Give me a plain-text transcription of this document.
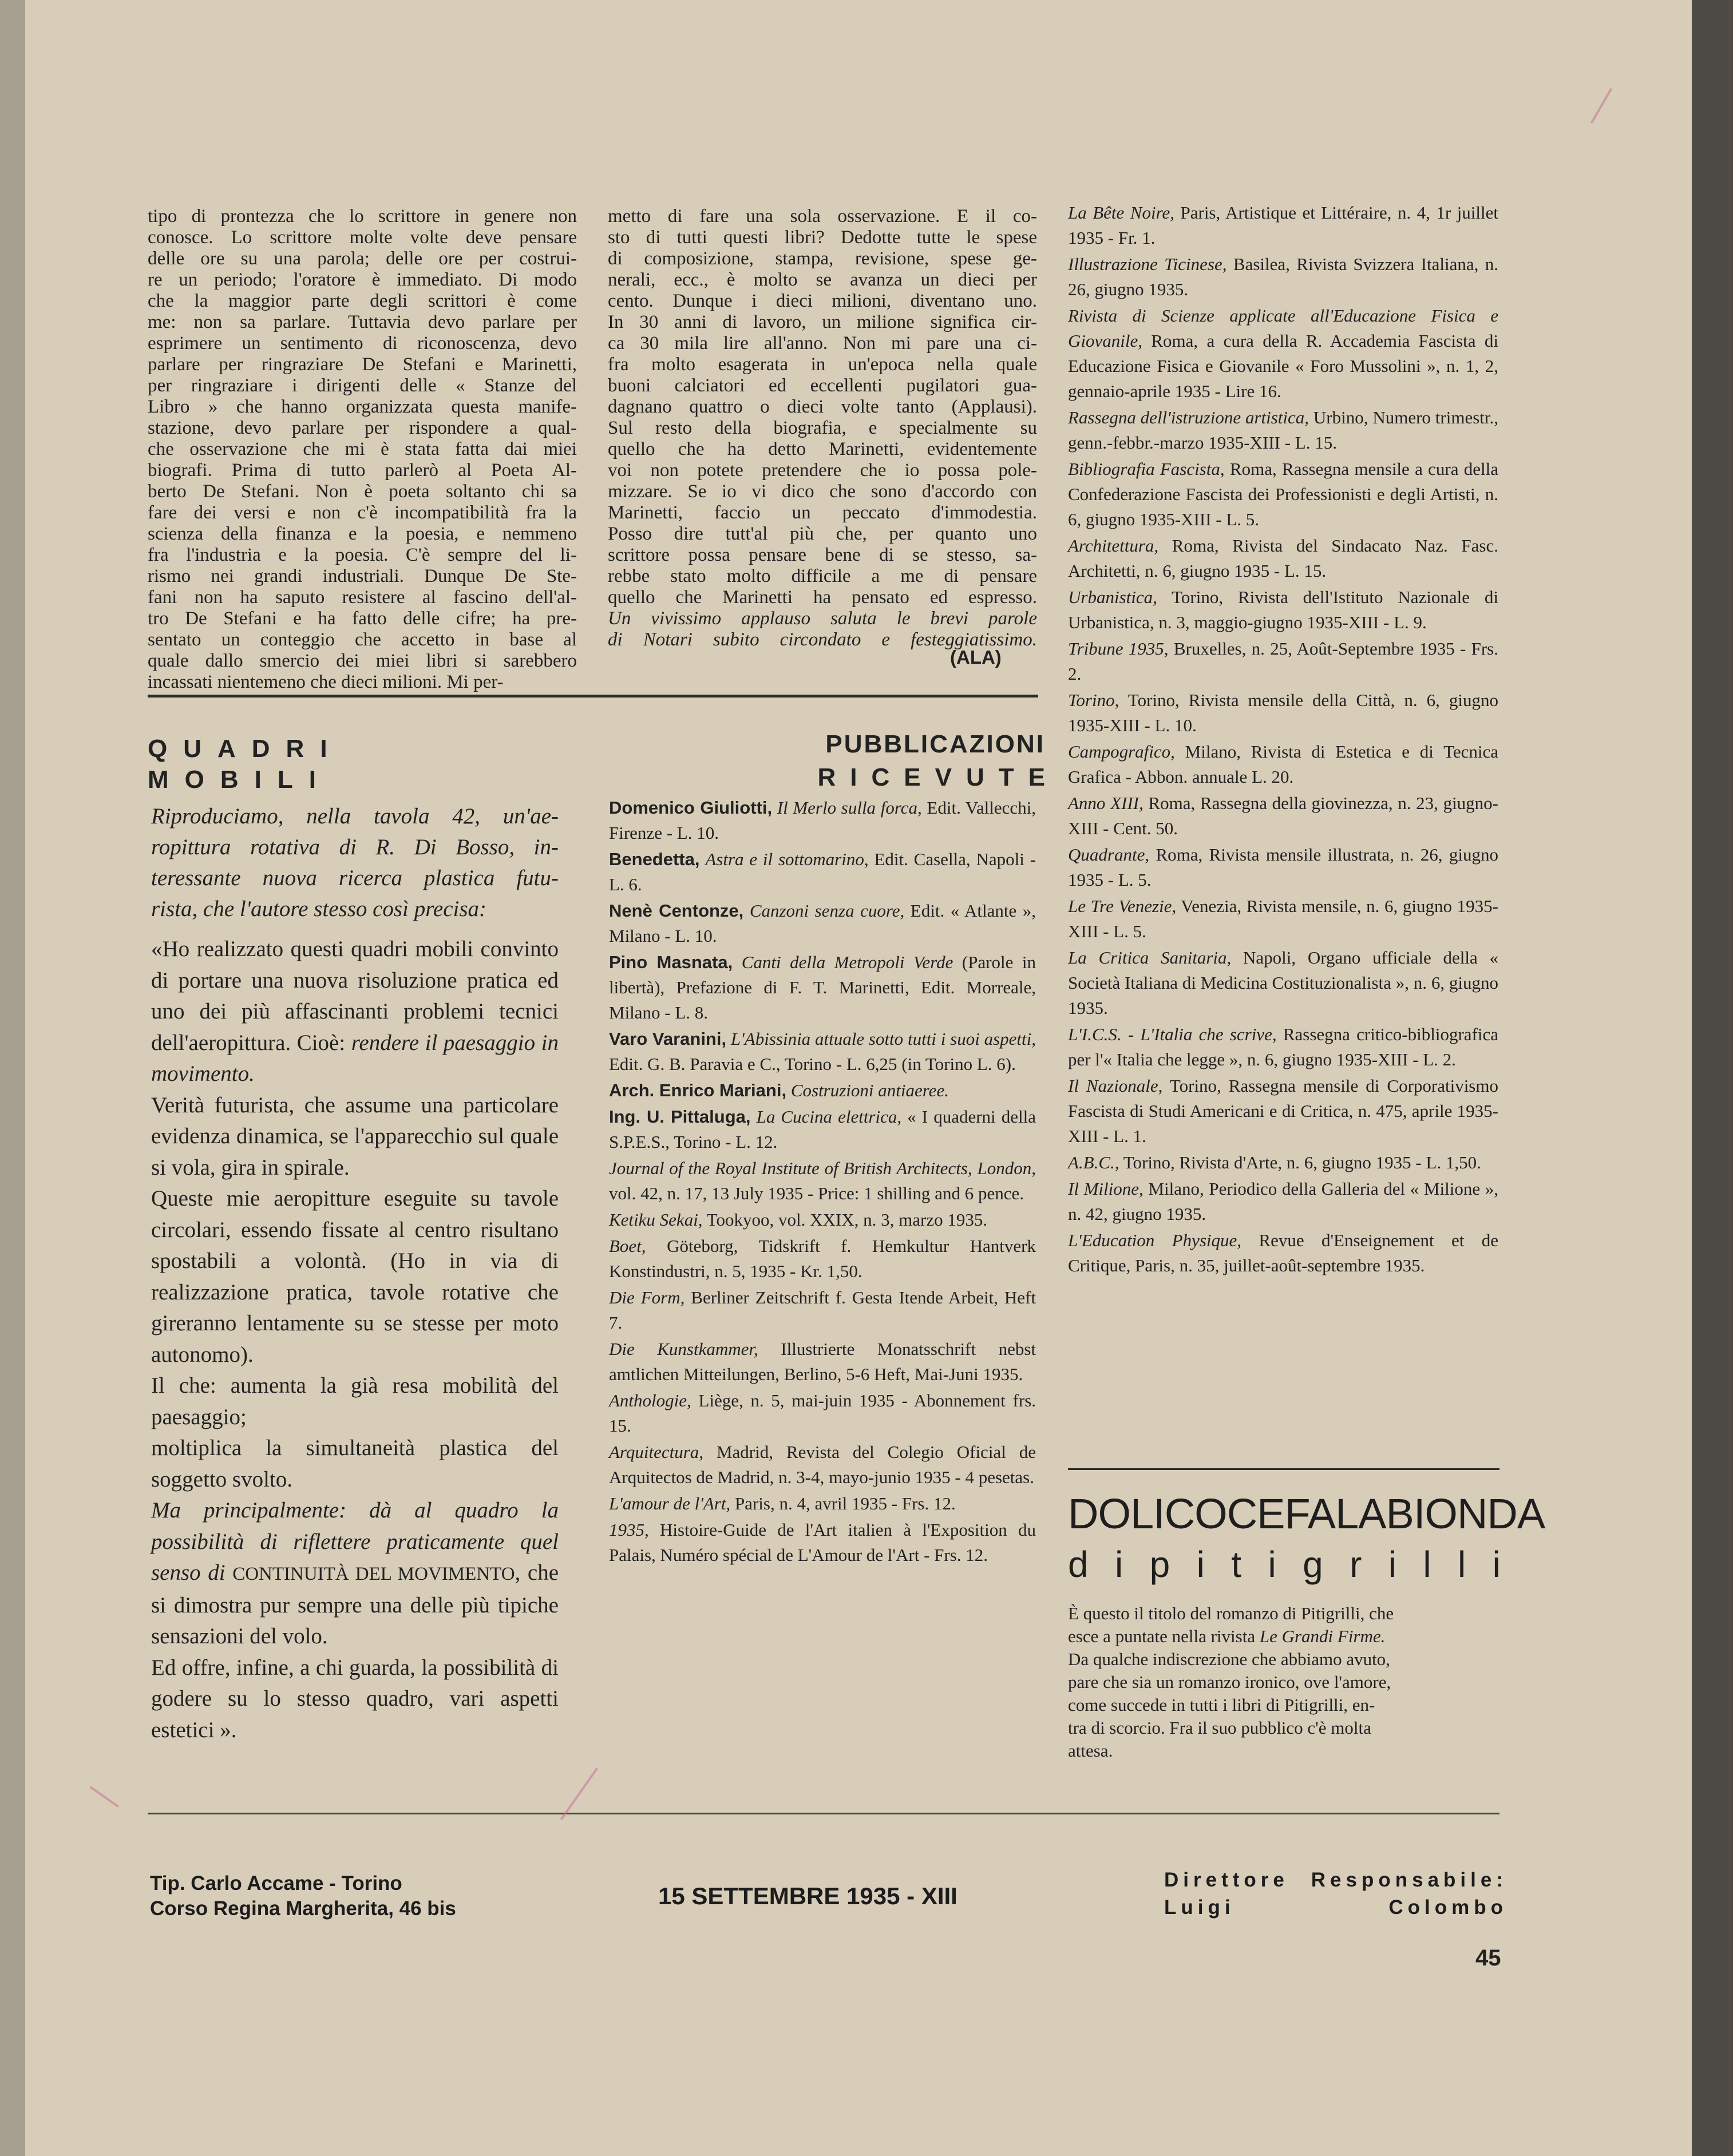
tipo di prontezza che lo scrittore in genere non
conosce. Lo scrittore molte volte deve pensare
delle ore su una parola; delle ore per costrui-
re un periodo; l'oratore è immediato. Di modo
che la maggior parte degli scrittori è come
me: non sa parlare. Tuttavia devo parlare per
esprimere un sentimento di riconoscenza, devo
parlare per ringraziare De Stefani e Marinetti,
per ringraziare i dirigenti delle « Stanze del
Libro » che hanno organizzata questa manife-
stazione, devo parlare per rispondere a qual-
che osservazione che mi è stata fatta dai miei
biografi. Prima di tutto parlerò al Poeta Al-
berto De Stefani. Non è poeta soltanto chi sa
fare dei versi e non c'è incompatibilità fra la
scienza della finanza e la poesia, e nemmeno
fra l'industria e la poesia. C'è sempre del li-
rismo nei grandi industriali. Dunque De Ste-
fani non ha saputo resistere al fascino dell'al-
tro De Stefani e ha fatto delle cifre; ha pre-
sentato un conteggio che accetto in base al
quale dallo smercio dei miei libri si sarebbero
incassati nientemeno che dieci milioni. Mi per-
metto di fare una sola osservazione. E il co-
sto di tutti questi libri? Dedotte tutte le spese
di composizione, stampa, revisione, spese ge-
nerali, ecc., è molto se avanza un dieci per
cento. Dunque i dieci milioni, diventano uno.
In 30 anni di lavoro, un milione significa cir-
ca 30 mila lire all'anno. Non mi pare una ci-
fra molto esagerata in un'epoca nella quale
buoni calciatori ed eccellenti pugilatori gua-
dagnano quattro o dieci volte tanto (Applausi).
Sul resto della biografia, e specialmente su
quello che ha detto Marinetti, evidentemente
voi non potete pretendere che io possa pole-
mizzare. Se io vi dico che sono d'accordo con
Marinetti, faccio un peccato d'immodestia.
Posso dire tutt'al più che, per quanto uno
scrittore possa pensare bene di se stesso, sa-
rebbe stato molto difficile a me di pensare
quello che Marinetti ha pensato ed espresso.
Un vivissimo applauso saluta le brevi parole
di Notari subito circondato e festeggiatissimo.
(ALA)
QUADRI
MOBILI
Riproduciamo, nella tavola 42, un'ae-
ropittura rotativa di R. Di Bosso, in-
teressante nuova ricerca plastica futu-
rista, che l'autore stesso così precisa:

«Ho realizzato questi quadri mobili convinto di portare una nuova risoluzione pratica ed uno dei più affascinanti problemi tecnici dell'aeropittura. Cioè: rendere il paesaggio in movimento.

Verità futurista, che assume una particolare evidenza dinamica, se l'apparecchio sul quale si vola, gira in spirale.

Queste mie aeropitture eseguite su tavole circolari, essendo fissate al centro risultano spostabili a volontà. (Ho in via di realizzazione pratica, tavole rotative che gireranno lentamente su se stesse per moto autonomo).

Il che: aumenta la già resa mobilità del paesaggio;

moltiplica la simultaneità plastica del soggetto svolto.

Ma principalmente: dà al quadro la possibilità di riflettere praticamente quel senso di CONTINUITÀ DEL MOVIMENTO, che si dimostra pur sempre una delle più tipiche sensazioni del volo.

Ed offre, infine, a chi guarda, la possibilità di godere su lo stesso quadro, vari aspetti estetici ».

PUBBLICAZIONI
RICEVUTE
Domenico Giuliotti, Il Merlo sulla forca, Edit. Vallecchi, Firenze - L. 10.
Benedetta, Astra e il sottomarino, Edit. Casella, Napoli - L. 6.
Nenè Centonze, Canzoni senza cuore, Edit. « Atlante », Milano - L. 10.
Pino Masnata, Canti della Metropoli Verde (Parole in libertà), Prefazione di F. T. Marinetti, Edit. Morreale, Milano - L. 8.
Varo Varanini, L'Abissinia attuale sotto tutti i suoi aspetti, Edit. G. B. Paravia e C., Torino - L. 6,25 (in Torino L. 6).
Arch. Enrico Mariani, Costruzioni antiaeree.
Ing. U. Pittaluga, La Cucina elettrica, « I quaderni della S.P.E.S., Torino - L. 12.
Journal of the Royal Institute of British Architects, London, vol. 42, n. 17, 13 July 1935 - Price: 1 shilling and 6 pence.
Ketiku Sekai, Tookyoo, vol. XXIX, n. 3, marzo 1935.
Boet, Göteborg, Tidskrift f. Hemkultur Hantverk Konstindustri, n. 5, 1935 - Kr. 1,50.
Die Form, Berliner Zeitschrift f. Gesta Itende Arbeit, Heft 7.
Die Kunstkammer, Illustrierte Monatsschrift nebst amtlichen Mitteilungen, Berlino, 5-6 Heft, Mai-Juni 1935.
Anthologie, Liège, n. 5, mai-juin 1935 - Abonnement frs. 15.
Arquitectura, Madrid, Revista del Colegio Oficial de Arquitectos de Madrid, n. 3-4, mayo-junio 1935 - 4 pesetas.
L'amour de l'Art, Paris, n. 4, avril 1935 - Frs. 12.
1935, Histoire-Guide de l'Art italien à l'Exposition du Palais, Numéro spécial de L'Amour de l'Art - Frs. 12.
La Bête Noire, Paris, Artistique et Littéraire, n. 4, 1r juillet 1935 - Fr. 1.
Illustrazione Ticinese, Basilea, Rivista Svizzera Italiana, n. 26, giugno 1935.
Rivista di Scienze applicate all'Educazione Fisica e Giovanile, Roma, a cura della R. Accademia Fascista di Educazione Fisica e Giovanile « Foro Mussolini », n. 1, 2, gennaio-aprile 1935 - Lire 16.
Rassegna dell'istruzione artistica, Urbino, Numero trimestr., genn.-febbr.-marzo 1935-XIII - L. 15.
Bibliografia Fascista, Roma, Rassegna mensile a cura della Confederazione Fascista dei Professionisti e degli Artisti, n. 6, giugno 1935-XIII - L. 5.
Architettura, Roma, Rivista del Sindacato Naz. Fasc. Architetti, n. 6, giugno 1935 - L. 15.
Urbanistica, Torino, Rivista dell'Istituto Nazionale di Urbanistica, n. 3, maggio-giugno 1935-XIII - L. 9.
Tribune 1935, Bruxelles, n. 25, Août-Septembre 1935 - Frs. 2.
Torino, Torino, Rivista mensile della Città, n. 6, giugno 1935-XIII - L. 10.
Campografico, Milano, Rivista di Estetica e di Tecnica Grafica - Abbon. annuale L. 20.
Anno XIII, Roma, Rassegna della giovinezza, n. 23, giugno-XIII - Cent. 50.
Quadrante, Roma, Rivista mensile illustrata, n. 26, giugno 1935 - L. 5.
Le Tre Venezie, Venezia, Rivista mensile, n. 6, giugno 1935-XIII - L. 5.
La Critica Sanitaria, Napoli, Organo ufficiale della « Società Italiana di Medicina Costituzionalista », n. 6, giugno 1935.
L'I.C.S. - L'Italia che scrive, Rassegna critico-bibliografica per l'« Italia che legge », n. 6, giugno 1935-XIII - L. 2.
Il Nazionale, Torino, Rassegna mensile di Corporativismo Fascista di Studi Americani e di Critica, n. 475, aprile 1935-XIII - L. 1.
A.B.C., Torino, Rivista d'Arte, n. 6, giugno 1935 - L. 1,50.
Il Milione, Milano, Periodico della Galleria del « Milione », n. 42, giugno 1935.
L'Education Physique, Revue d'Enseignement et de Critique, Paris, n. 35, juillet-août-septembre 1935.
DOLICOCEFALA BIONDA
d i p i t i g r i l l i
È questo il titolo del romanzo di Pitigrilli, che
esce a puntate nella rivista Le Grandi Firme.
Da qualche indiscrezione che abbiamo avuto,
pare che sia un romanzo ironico, ove l'amore,
come succede in tutti i libri di Pitigrilli, en-
tra di scorcio. Fra il suo pubblico c'è molta
attesa.
Tip. Carlo Accame - Torino
Corso Regina Margherita, 46 bis	15 SETTEMBRE 1935 - XIII
Direttore Responsabile:
Luigi	Colombo
45
